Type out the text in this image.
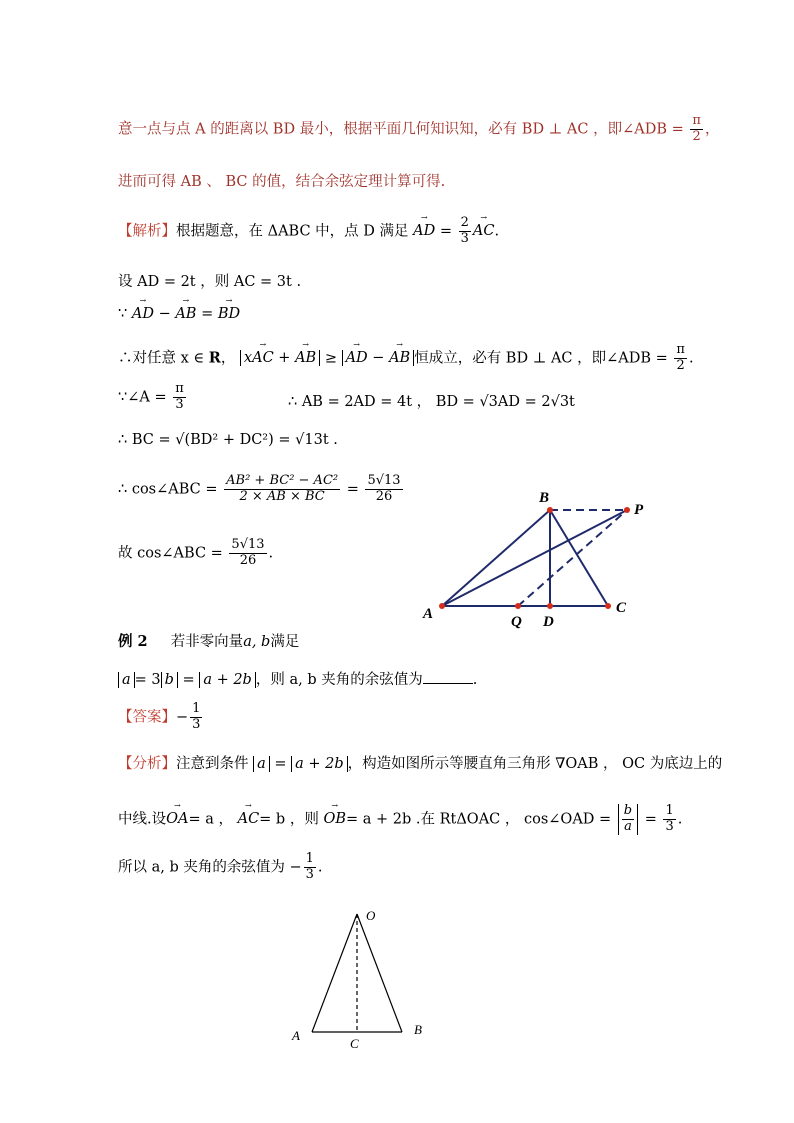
意一点与点 A 的距离以 BD 最小，根据平面几何知识知，必有 BD ⊥ AC ，即∠ADB = $\frac{\pi}{2}$ ，
进而可得 AB 、 BC 的值，结合余弦定理计算可得.
【解析】根据题意，在 ΔABC 中，点 D 满足 → AD = $\frac{2}{3}$ → AC.
设 AD = 2t ，则 AC = 3t .
∵ → AD − → AB = → BD
∴对任意 x ∈ R， x→ AC + → AB ≥ → AD − → AB 恒成立，必有 BD ⊥ AC ，即∠ADB = $\frac{\pi}{2}$ .
∵∠A = $\frac{\pi}{3}$	∴ AB = 2AD = 4t ， BD = √3AD = 2√3t
∴ BC = √(BD² + DC²) = √13t .
∴ cos∠ABC = $\frac{\text{AB² + BC² − AC²}}{2 \times AB \times BC} = \frac{5√13}{26}$
故 cos∠ABC = $\frac{5√13}{26}$ .
A
B
C
D
Q
P
例 2 若非零向量a, b满足
a = 3 b = a + 2b ，则 a, b 夹角的余弦值为	.
【答案】− $\frac{1}{3}$
【分析】注意到条件 a = a + 2b ，构造如图所示等腰直角三角形 ∇OAB ， OC 为底边上的
中线.设→ OA= a ， → AC= b ，则 → OB= a + 2b .在 RtΔOAC ， cos∠OAD = $\frac{b}{a} = \frac{1}{3}$ .
所以 a, b 夹角的余弦值为 − $\frac{1}{3}$ .
O
A	B
C
